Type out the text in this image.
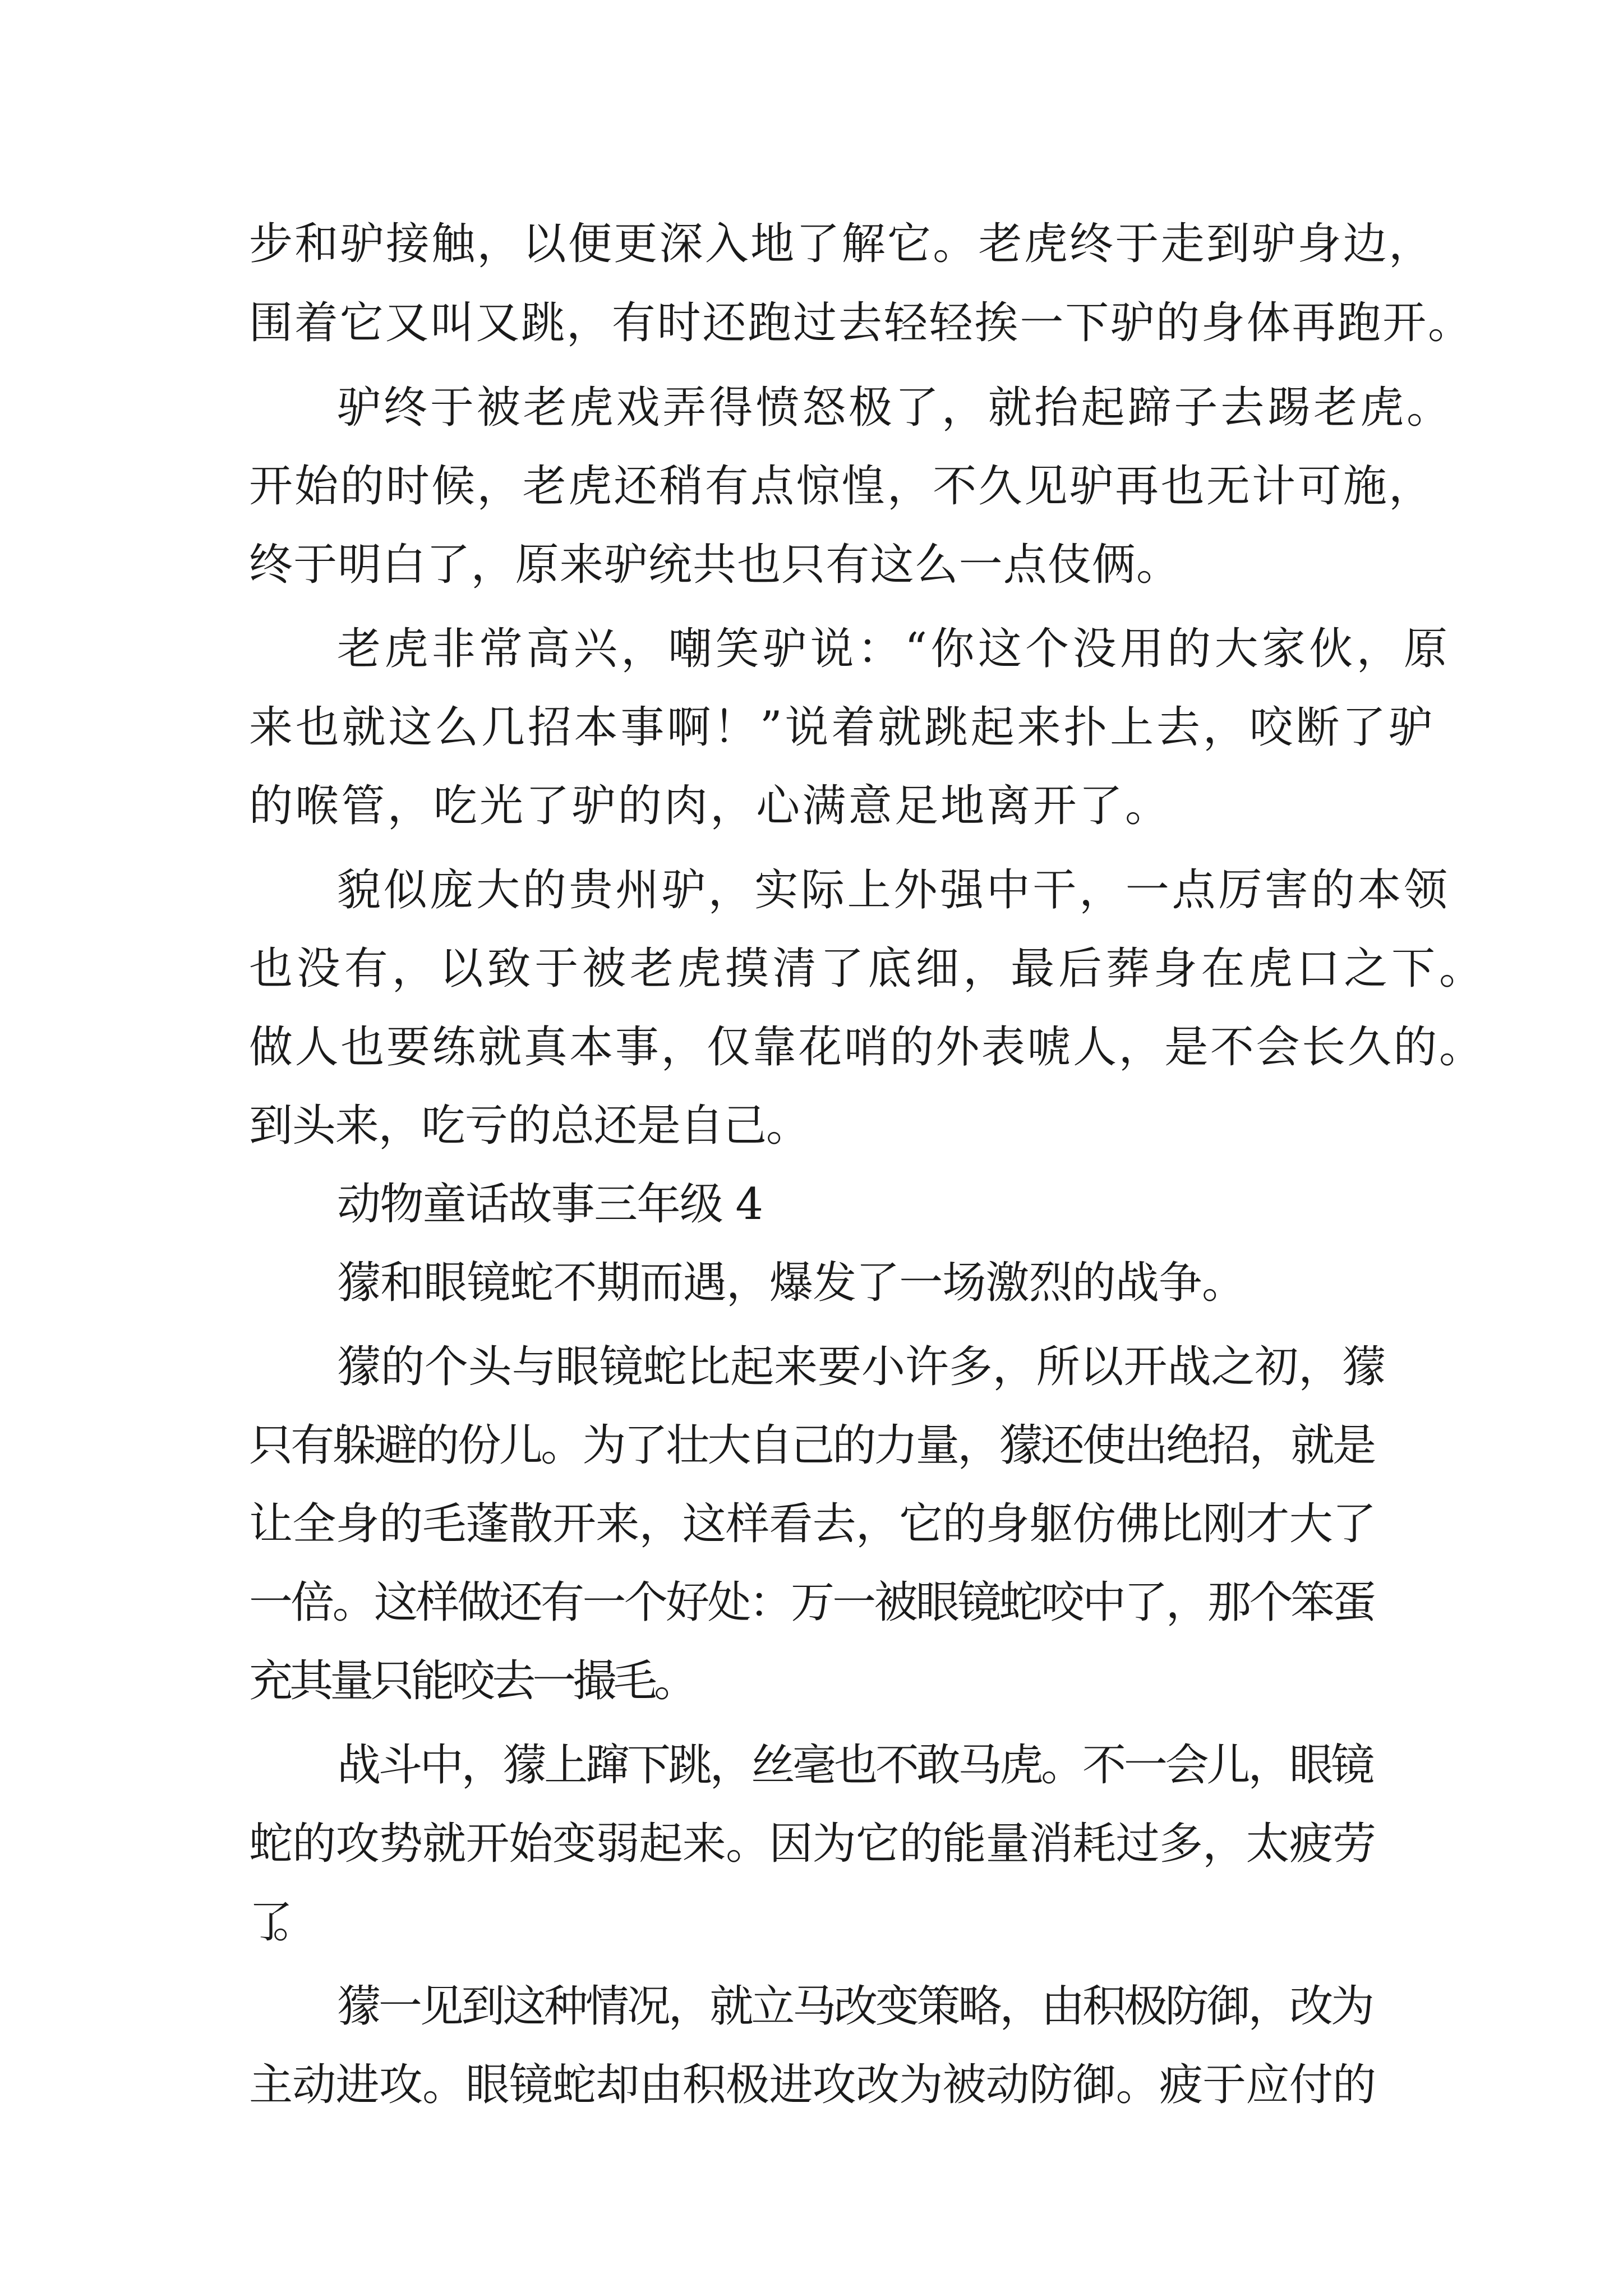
步和驴接触，以便更深入地了解它。老虎终于走到驴身边，
围着它又叫又跳，有时还跑过去轻轻挨一下驴的身体再跑开。
驴终于被老虎戏弄得愤怒极了，就抬起蹄子去踢老虎。
开始的时候，老虎还稍有点惊惶，不久见驴再也无计可施，
终于明白了，原来驴统共也只有这么一点伎俩。
老虎非常高兴，嘲笑驴说：“你这个没用的大家伙，原
来也就这么几招本事啊！”说着就跳起来扑上去，咬断了驴
的喉管，吃光了驴的肉，心满意足地离开了。
貌似庞大的贵州驴，实际上外强中干，一点厉害的本领
也没有，以致于被老虎摸清了底细，最后葬身在虎口之下。
做人也要练就真本事，仅靠花哨的外表唬人，是不会长久的。
到头来，吃亏的总还是自己。
动物童话故事三年级 4
獴和眼镜蛇不期而遇，爆发了一场激烈的战争。
獴的个头与眼镜蛇比起来要小许多，所以开战之初，獴
只有躲避的份儿。为了壮大自己的力量，獴还使出绝招，就是
让全身的毛蓬散开来，这样看去，它的身躯仿佛比刚才大了
一倍。这样做还有一个好处：万一被眼镜蛇咬中了，那个笨蛋
充其量只能咬去一撮毛。
战斗中，獴上蹿下跳，丝毫也不敢马虎。不一会儿，眼镜
蛇的攻势就开始变弱起来。因为它的能量消耗过多，太疲劳
了。
獴一见到这种情况，就立马改变策略，由积极防御，改为
主动进攻。眼镜蛇却由积极进攻改为被动防御。疲于应付的
